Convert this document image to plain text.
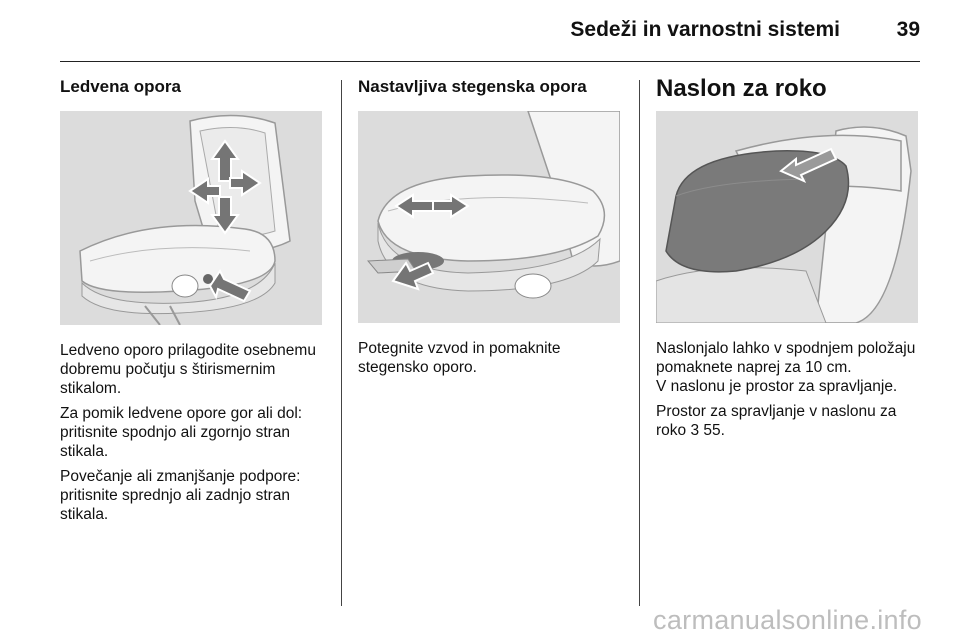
Sedeži in varnostni sistemi	39
Ledvena opora

Ledveno oporo prilagodite osebnemu dobremu počutju s štirismernim stikalom.

Za pomik ledvene opore gor ali dol: pritisnite spodnjo ali zgornjo stran stikala.

Povečanje ali zmanjšanje podpore: pritisnite sprednjo ali zadnjo stran stikala.

Nastavljiva stegenska opora

Potegnite vzvod in pomaknite stegensko oporo.

Naslon za roko

Naslonjalo lahko v spodnjem položaju pomaknete naprej za 10 cm.

V naslonu je prostor za spravljanje.

Prostor za spravljanje v naslonu za roko 3 55.

carmanualsonline.info
